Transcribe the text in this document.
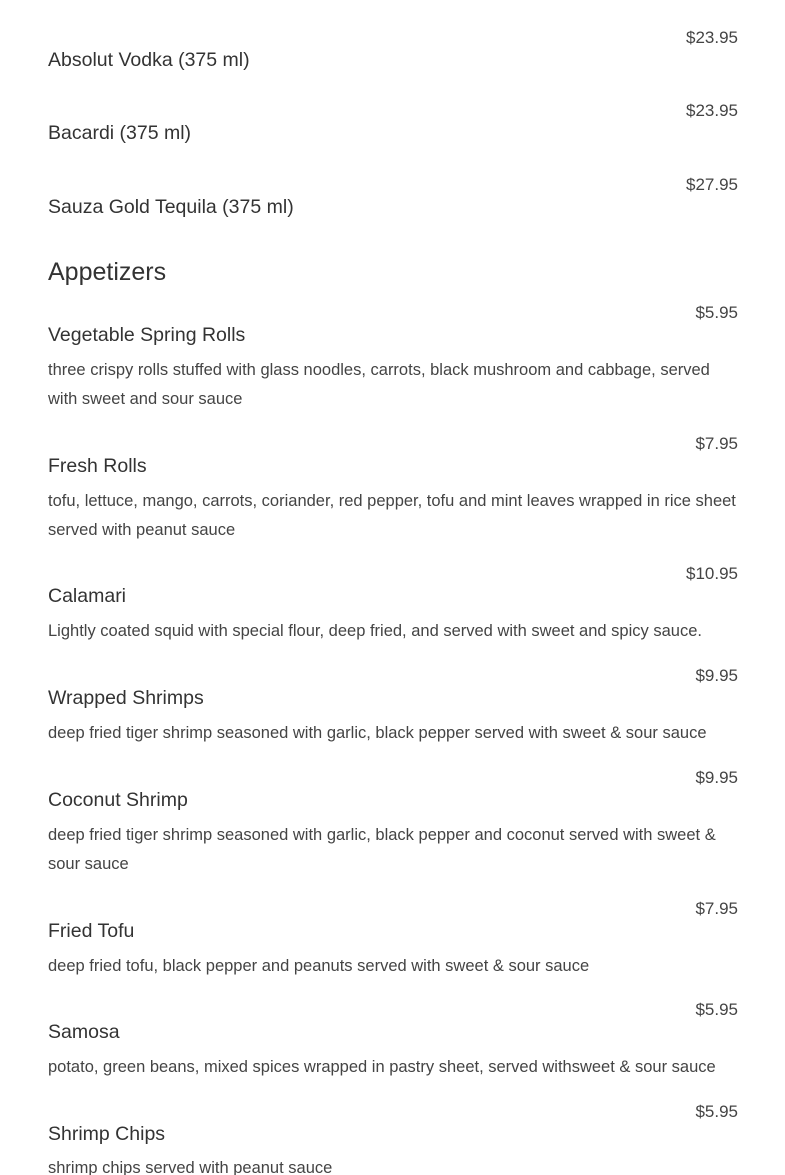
$23.95
Absolut Vodka (375 ml)
$23.95
Bacardi (375 ml)
$27.95
Sauza Gold Tequila (375 ml)
Appetizers
$5.95
Vegetable Spring Rolls
three crispy rolls stuffed with glass noodles, carrots, black mushroom and cabbage, served with sweet and sour sauce
$7.95
Fresh Rolls
tofu, lettuce, mango, carrots, coriander, red pepper, tofu and mint leaves wrapped in rice sheet served with peanut sauce
$10.95
Calamari
Lightly coated squid with special flour, deep fried, and served with sweet and spicy sauce.
$9.95
Wrapped Shrimps
deep fried tiger shrimp seasoned with garlic, black pepper served with sweet & sour sauce
$9.95
Coconut Shrimp
deep fried tiger shrimp seasoned with garlic, black pepper and coconut served with sweet & sour sauce
$7.95
Fried Tofu
deep fried tofu, black pepper and peanuts served with sweet & sour sauce
$5.95
Samosa
potato, green beans, mixed spices wrapped in pastry sheet, served withsweet & sour sauce
$5.95
Shrimp Chips
shrimp chips served with peanut sauce
